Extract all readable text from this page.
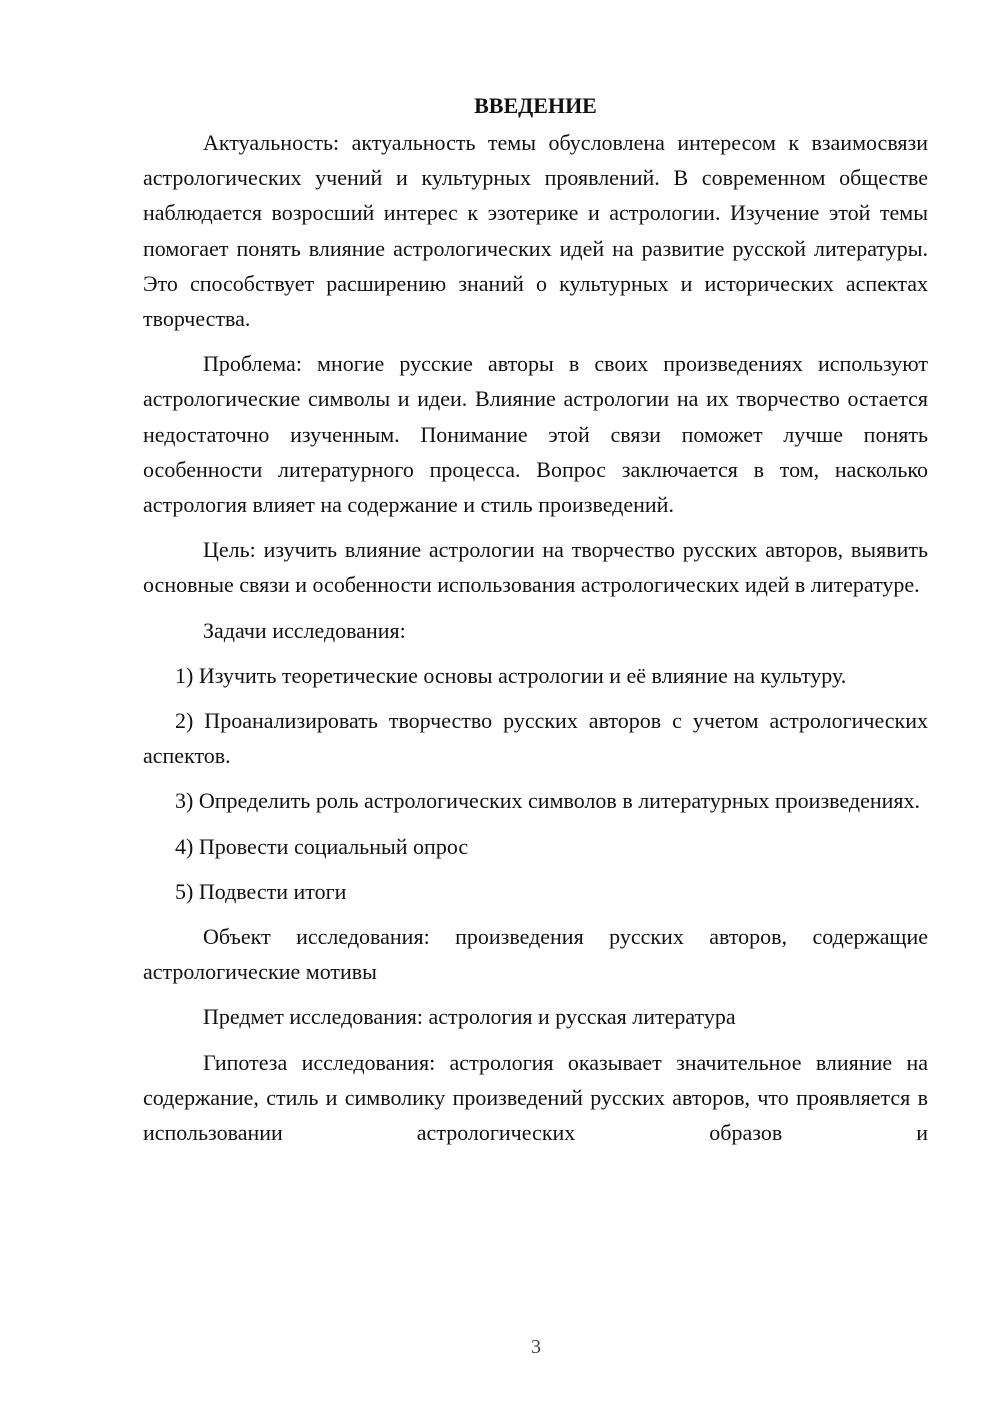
ВВЕДЕНИЕ

Актуальность: актуальность темы обусловлена интересом к взаимосвязи астрологических учений и культурных проявлений. В современном обществе наблюдается возросший интерес к эзотерике и астрологии. Изучение этой темы помогает понять влияние астрологических идей на развитие русской литературы. Это способствует расширению знаний о культурных и исторических аспектах творчества.

Проблема: многие русские авторы в своих произведениях используют астрологические символы и идеи. Влияние астрологии на их творчество остается недостаточно изученным. Понимание этой связи поможет лучше понять особенности литературного процесса. Вопрос заключается в том, насколько астрология влияет на содержание и стиль произведений.

Цель: изучить влияние астрологии на творчество русских авторов, выявить основные связи и особенности использования астрологических идей в литературе.

Задачи исследования:

1) Изучить теоретические основы астрологии и её влияние на культуру.

2) Проанализировать творчество русских авторов с учетом астрологических аспектов.

3) Определить роль астрологических символов в литературных произведениях.

4) Провести социальный опрос

5) Подвести итоги

Объект исследования: произведения русских авторов, содержащие астрологические мотивы

Предмет исследования: астрология и русская литература

Гипотеза исследования: астрология оказывает значительное влияние на содержание, стиль и символику произведений русских авторов, что проявляется в использовании астрологических образов и

3
